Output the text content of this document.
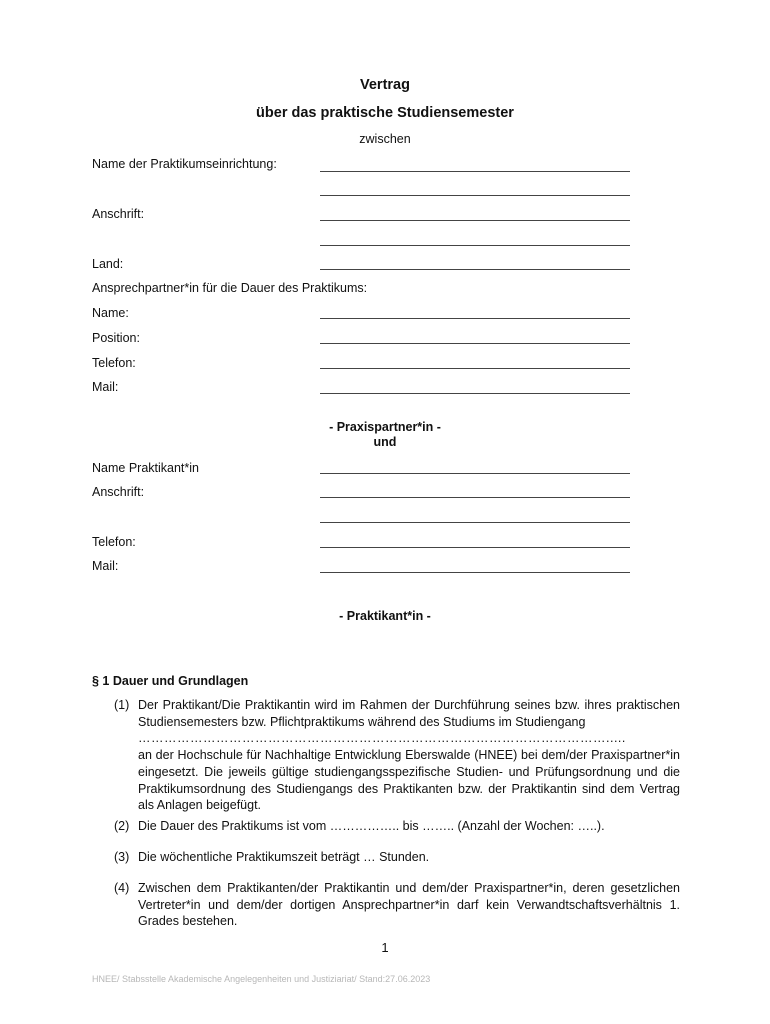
Vertrag
über das praktische Studiensemester
zwischen
Name der Praktikumseinrichtung:
Anschrift:
Land:
Ansprechpartner*in für die Dauer des Praktikums:
Name:
Position:
Telefon:
Mail:
- Praxispartner*in -
und
Name Praktikant*in
Anschrift:
Telefon:
Mail:
- Praktikant*in -
§ 1 Dauer und Grundlagen
(1) Der Praktikant/Die Praktikantin wird im Rahmen der Durchführung seines bzw. ihres praktischen Studiensemesters bzw. Pflichtpraktikums während des Studiums im Studiengang
……………………………………………………………………………………………….....
an der Hochschule für Nachhaltige Entwicklung Eberswalde (HNEE) bei dem/der Praxispartner*in eingesetzt. Die jeweils gültige studiengangsspezifische Studien- und Prüfungsordnung und die Praktikumsordnung des Studiengangs des Praktikanten bzw. der Praktikantin sind dem Vertrag als Anlagen beigefügt.
(2) Die Dauer des Praktikums ist vom …………….. bis …….. (Anzahl der Wochen: …..).
(3) Die wöchentliche Praktikumszeit beträgt … Stunden.
(4) Zwischen dem Praktikanten/der Praktikantin und dem/der Praxispartner*in, deren gesetzlichen Vertreter*in und dem/der dortigen Ansprechpartner*in darf kein Verwandtschaftsverhältnis 1. Grades bestehen.
1
HNEE/ Stabsstelle Akademische Angelegenheiten und Justiziariat/ Stand:27.06.2023
